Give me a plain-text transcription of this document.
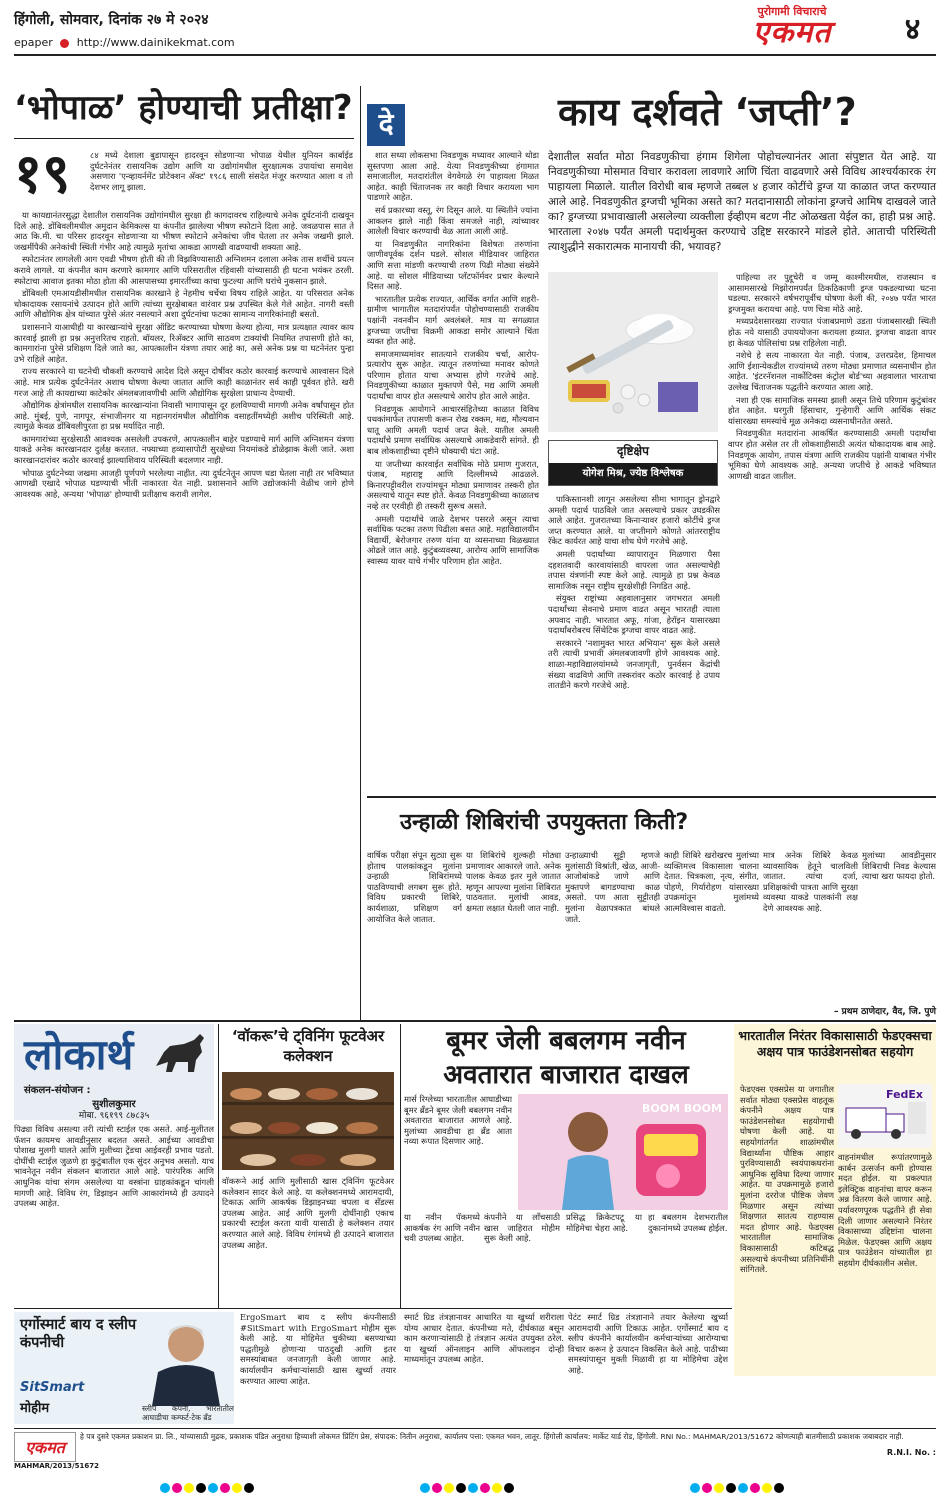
हिंगोली, सोमवार, दिनांक २७ मे २०२४
epaper http://www.dainikekmat.com
पुरोगामी विचाराचे
एकमत	४
‘भोपाळ’ होण्याची प्रतीक्षा?
१९	८४ मध्ये देशाला बुडापासून हादरवून सोडणाऱ्या भोपाळ येथील युनियन कार्बाईड दुर्घटनेनंतर रासायनिक उद्योग आणि या उद्योगांमधील सुरक्षात्मक उपायांचा समावेश असणारा 'एन्व्हायर्नमेंट प्रोटेक्शन अ‍ॅक्ट' १९८६ साली संसदेत मंजूर करण्यात आला व तो देशभर लागू झाला.

या कायद्यानंतरसुद्धा देशातील रासायनिक उद्योगांमधील सुरक्षा ही कागदावरच राहिल्याचे अनेक दुर्घटनांनी दाखवून दिले आहे. डोंबिवलीमधील अमुदान केमिकल्स या कंपनीत झालेल्या भीषण स्फोटाने दिला आहे. जवळपास सात ते आठ कि.मी. चा परिसर हादरवून सोडणाऱ्या या भीषण स्फोटाने अनेकांचा जीव घेतला तर अनेक जखमी झाले. जखमींपैकी अनेकांची स्थिती गंभीर आहे त्यामुळे मृतांचा आकडा आणखी वाढण्याची शक्यता आहे.

स्फोटानंतर लागलेली आग एवढी भीषण होती की ती विझविण्यासाठी अग्निशमन दलाला अनेक तास शर्थीचे प्रयत्न करावे लागले. या कंपनीत काम करणारे कामगार आणि परिसरातील रहिवासी यांच्यासाठी ही घटना भयंकर ठरली. स्फोटाचा आवाज इतका मोठा होता की आसपासच्या इमारतींच्या काचा फुटल्या आणि घरांचे नुकसान झाले.

डोंबिवली एमआयडीसीमधील रासायनिक कारखाने हे नेहमीच चर्चेचा विषय राहिले आहेत. या परिसरात अनेक धोकादायक रसायनांचे उत्पादन होते आणि त्यांच्या सुरक्षेबाबत वारंवार प्रश्न उपस्थित केले गेले आहेत. नागरी वस्ती आणि औद्योगिक क्षेत्र यांच्यात पुरेसे अंतर नसल्याने अशा दुर्घटनांचा फटका सामान्य नागरिकांनाही बसतो.

प्रशासनाने याआधीही या कारखान्यांचे सुरक्षा ऑडिट करण्याच्या घोषणा केल्या होत्या, मात्र प्रत्यक्षात त्यावर काय कारवाई झाली हा प्रश्न अनुत्तरितच राहतो. बॉयलर, रिअ‍ॅक्टर आणि साठवण टाक्यांची नियमित तपासणी होते का, कामगारांना पुरेसे प्रशिक्षण दिले जाते का, आपत्कालीन यंत्रणा तयार आहे का, असे अनेक प्रश्न या घटनेनंतर पुन्हा उभे राहिले आहेत.

राज्य सरकारने या घटनेची चौकशी करण्याचे आदेश दिले असून दोषींवर कठोर कारवाई करण्याचे आश्वासन दिले आहे. मात्र प्रत्येक दुर्घटनेनंतर अशाच घोषणा केल्या जातात आणि काही काळानंतर सर्व काही पूर्ववत होते. खरी गरज आहे ती कायद्याच्या काटेकोर अंमलबजावणीची आणि औद्योगिक सुरक्षेला प्राधान्य देण्याची.

औद्योगिक क्षेत्रांमधील रासायनिक कारखान्यांना निवासी भागापासून दूर हलविण्याची मागणी अनेक वर्षांपासून होत आहे. मुंबई, पुणे, नागपूर, संभाजीनगर या महानगरांमधील औद्योगिक वसाहतींमध्येही अशीच परिस्थिती आहे. त्यामुळे केवळ डोंबिवलीपुरता हा प्रश्न मर्यादित नाही.

कामगारांच्या सुरक्षेसाठी आवश्यक असलेली उपकरणे, आपत्कालीन बाहेर पडण्याचे मार्ग आणि अग्निशमन यंत्रणा याकडे अनेक कारखानदार दुर्लक्ष करतात. नफ्याच्या हव्यासापोटी सुरक्षेच्या नियमांकडे डोळेझाक केली जाते. अशा कारखानदारांवर कठोर कारवाई झाल्याशिवाय परिस्थिती बदलणार नाही.

भोपाळ दुर्घटनेच्या जखमा आजही पूर्णपणे भरलेल्या नाहीत. त्या दुर्घटनेतून आपण धडा घेतला नाही तर भविष्यात आणखी एखादे भोपाळ घडण्याची भीती नाकारता येत नाही. प्रशासनाने आणि उद्योजकांनी वेळीच जागे होणे आवश्यक आहे, अन्यथा 'भोपाळ' होण्याची प्रतीक्षाच करावी लागेल.

दे	काय दर्शवते ‘जप्ती’?
देशातील सर्वात मोठा निवडणुकीचा हंगाम शिगेला पोहोचल्यानंतर आता संपुष्टात येत आहे. या निवडणुकीच्या मोसमात विचार करावला लावणारे आणि चिंता वाढवणारे असे विविध आश्चर्यकारक रंग पाहायला मिळाले. यातील विरोधी बाब म्हणजे तब्बल ४ हजार कोटींचे ड्रग्ज या काळात जप्त करण्यात आले आहे. निवडणुकीत ड्रग्जची भूमिका असते का? मतदानासाठी लोकांना ड्रग्जचे आमिष दाखवले जाते का? ड्रग्जच्या प्रभावाखाली असलेल्या व्यक्तीला ईव्हीएम बटण नीट ओळखता येईल का, हाही प्रश्न आहे. भारताला २०४७ पर्यंत अमली पदार्थमुक्त करण्याचे उद्दिष्ट सरकारने मांडले होते. आताची परिस्थिती त्याशुद्धीने सकारात्मक मानायची की, भयावह?

शात सध्या लोकसभा निवडणूक मध्यावर आल्याने थोडा सुस्तपणा आला आहे. येत्या निवडणुकीच्या हंगामात समाजातील, मतदारांतील वेगवेगळे रंग पाहायला मिळत आहेत. काही चिंताजनक तर काही विचार करायला भाग पाडणारे आहेत.

सर्व प्रकारच्या वस्तू, रंग दिसून आले. या स्थितीने ज्यांना आकलन झाले नाही किंवा समजले नाही, त्यांच्यावर आलेली विचार करण्याची वेळ आता आली आहे.

या निवडणुकीत नागरिकांना विशेषतः तरुणांना जाणीवपूर्वक दर्शन घडले. सोशल मीडियावर जाहिरात आणि सत्ता मांडणी करण्याची तरुण पिढी मोठ्या संख्येने आहे. या सोशल मीडियाच्या प्लॅटफॉर्मवर प्रचार केल्याने दिसत आहे.

भारतातील प्रत्येक राज्यात, आर्थिक वर्गात आणि शहरी-ग्रामीण भागातील मतदारांपर्यंत पोहोचण्यासाठी राजकीय पक्षांनी नवनवीन मार्ग अवलंबले. मात्र या सगळ्यात ड्रग्जच्या जप्तीचा विक्रमी आकडा समोर आल्याने चिंता व्यक्त होत आहे.

समाजमाध्यमांवर सातत्याने राजकीय चर्चा, आरोप-प्रत्यारोप सुरू आहेत. त्यातून तरुणांच्या मनावर कोणते परिणाम होतात याचा अभ्यास होणे गरजेचे आहे. निवडणुकीच्या काळात मुक्तपणे पैसे, मद्य आणि अमली पदार्थांचा वापर होत असल्याचे आरोप होत आले आहेत.

निवडणूक आयोगाने आचारसंहितेच्या काळात विविध पथकांमार्फत तपासणी करून रोख रक्कम, मद्य, मौल्यवान धातू आणि अमली पदार्थ जप्त केले. यातील अमली पदार्थांचे प्रमाण सर्वाधिक असल्याचे आकडेवारी सांगते. ही बाब लोकशाहीच्या दृष्टीने धोक्याची घंटा आहे.

या जप्तीच्या कारवाईत सर्वाधिक मोठे प्रमाण गुजरात, पंजाब, महाराष्ट्र आणि दिल्लीमध्ये आढळले. किनारपट्टीवरील राज्यांमधून मोठ्या प्रमाणावर तस्करी होत असल्याचे यातून स्पष्ट होते. केवळ निवडणुकीच्या काळातच नव्हे तर एरवीही ही तस्करी सुरूच असते.

अमली पदार्थांचे जाळे देशभर पसरले असून त्याचा सर्वाधिक फटका तरुण पिढीला बसत आहे. महाविद्यालयीन विद्यार्थी, बेरोजगार तरुण यांना या व्यसनाच्या विळख्यात ओढले जात आहे. कुटुंबव्यवस्था, आरोग्य आणि सामाजिक स्वास्थ्य यावर याचे गंभीर परिणाम होत आहेत.

दृष्टिक्षेप
योगेश मिश्र, ज्येष्ठ विश्लेषक

पाकिस्तानशी लागून असलेल्या सीमा भागातून ड्रोनद्वारे अमली पदार्थ पाठविले जात असल्याचे प्रकार उघडकीस आले आहेत. गुजरातच्या किनाऱ्यावर हजारो कोटींचे ड्रग्ज जप्त करण्यात आले. या जप्तीमागे कोणते आंतरराष्ट्रीय रॅकेट कार्यरत आहे याचा शोध घेणे गरजेचे आहे.

अमली पदार्थांच्या व्यापारातून मिळणारा पैसा दहशतवादी कारवायांसाठी वापरला जात असल्याचेही तपास यंत्रणांनी स्पष्ट केले आहे. त्यामुळे हा प्रश्न केवळ सामाजिक नसून राष्ट्रीय सुरक्षेशीही निगडित आहे.

संयुक्त राष्ट्रांच्या अहवालानुसार जगभरात अमली पदार्थांच्या सेवनाचे प्रमाण वाढत असून भारतही त्याला अपवाद नाही. भारतात अफू, गांजा, हेरॉइन यासारख्या पदार्थांबरोबरच सिंथेटिक ड्रग्जचा वापर वाढत आहे.

सरकारने 'नशामुक्त भारत अभियान' सुरू केले असले तरी त्याची प्रभावी अंमलबजावणी होणे आवश्यक आहे. शाळा-महाविद्यालयांमध्ये जनजागृती, पुनर्वसन केंद्रांची संख्या वाढविणे आणि तस्करांवर कठोर कारवाई हे उपाय तातडीने करणे गरजेचे आहे.

पाहिल्या तर पुद्दूचेरी व जम्मू काश्मीरमधील, राजस्थान व आसामसारखे मिझोरामपर्यंत ठिकठिकाणी ड्रग्ज पकडल्याच्या घटना घडल्या. सरकारने वर्षभरापूर्वीच घोषणा केली की, २०४७ पर्यंत भारत ड्रग्जमुक्त करायचा आहे. पण चित्रा मोठे आहे.

मध्यप्रदेशसारख्या राज्यात पंजाबप्रमाणे उडता पंजाबसारखी स्थिती होऊ नये यासाठी उपाययोजना करायला हव्यात. ड्रग्जचा वाढता वापर हा केवळ पोलिसांचा प्रश्न राहिलेला नाही.

नशेचे हे सत्य नाकारता येत नाही. पंजाब, उत्तरप्रदेश, हिमाचल आणि ईशान्येकडील राज्यांमध्ये तरुण मोठ्या प्रमाणात व्यसनाधीन होत आहेत. 'इंटरनॅशनल नार्कोटिक्स कंट्रोल बोर्ड'च्या अहवालात भारताचा उल्लेख चिंताजनक पद्धतीने करण्यात आला आहे.

नशा ही एक सामाजिक समस्या झाली असून तिचे परिणाम कुटुंबांवर होत आहेत. घरगुती हिंसाचार, गुन्हेगारी आणि आर्थिक संकट यांसारख्या समस्यांचे मूळ अनेकदा व्यसनाधीनतेत असते.

निवडणुकीत मतदारांना आकर्षित करण्यासाठी अमली पदार्थांचा वापर होत असेल तर ती लोकशाहीसाठी अत्यंत धोकादायक बाब आहे. निवडणूक आयोग, तपास यंत्रणा आणि राजकीय पक्षांनी याबाबत गंभीर भूमिका घेणे आवश्यक आहे. अन्यथा जप्तीचे हे आकडे भविष्यात आणखी वाढत जातील.

उन्हाळी शिबिरांची उपयुक्तता किती?
वार्षिक परीक्षा संपून सुट्या सुरू होताच पालकांकडून मुलांना उन्हाळी शिबिरांमध्ये पाठविण्याची लगबग सुरू होते. विविध प्रकारची शिबिरे, कार्यशाळा, प्रशिक्षण वर्ग आयोजित केले जातात.
या शिबिरांचे शुल्कही मोठ्या प्रमाणावर आकारले जाते. अनेक पालक केवळ इतर मुले जातात म्हणून आपल्या मुलांना शिबिरात पाठवतात. मुलांची आवड, क्षमता लक्षात घेतली जात नाही.
उन्हाळ्याची सुट्टी म्हणजे मुलांसाठी विश्रांती, खेळ, आजी-आजोबांकडे जाणे आणि मुक्तपणे बागडण्याचा काळ असतो. पण आता सुट्टीतही मुलांना वेळापत्रकात बांधले जाते.
काही शिबिरे खरोखरच मुलांच्या व्यक्तिमत्त्व विकासाला चालना देतात. चित्रकला, नृत्य, संगीत, पोहणे, गिर्यारोहण यांसारख्या उपक्रमांतून मुलांमध्ये आत्मविश्वास वाढतो.
मात्र अनेक शिबिरे केवळ व्यावसायिक हेतूने चालविली जातात. त्यांचा दर्जा, प्रशिक्षकांची पात्रता आणि सुरक्षा व्यवस्था याकडे पालकांनी लक्ष देणे आवश्यक आहे.
मुलांच्या आवडीनुसार शिबिराची निवड केल्यास त्याचा खरा फायदा होतो.
– प्रथम ठाणेदार, वैद, जि. पुणे
लोकार्थ
संकलन-संयोजन :
सुशीलकुमार
मोबा. ९६१९९ ८७८३५
पिढ्या विविध असल्या तरी त्यांची स्टाईल एक असते. आई-मुलीतल फॅशन कायमच आवडीनुसार बदलत असते. आईच्या आवडीचा पोशाख मुलगी घालते आणि मुलीच्या ट्रेंडचा आईवरही प्रभाव पडतो. दोघींची स्टाईल जुळणे हा कुटुंबातील एक सुंदर अनुभव असतो. याच भावनेतून नवीन संकलन बाजारात आले आहे. पारंपरिक आणि आधुनिक यांचा संगम असलेल्या या वस्त्रांना ग्राहकांकडून चांगली मागणी आहे. विविध रंग, डिझाइन आणि आकारांमध्ये ही उत्पादने उपलब्ध आहेत.
‘वॉकरू’चे ट्विनिंग फूटवेअर कलेक्शन
वॉकरूने आई आणि मुलीसाठी खास ट्विनिंग फूटवेअर कलेक्शन सादर केले आहे. या कलेक्शनमध्ये आरामदायी, टिकाऊ आणि आकर्षक डिझाइनच्या चपला व सँडल्स उपलब्ध आहेत. आई आणि मुलगी दोघींनाही एकाच प्रकारची स्टाईल करता यावी यासाठी हे कलेक्शन तयार करण्यात आले आहे. विविध रंगांमध्ये ही उत्पादने बाजारात उपलब्ध आहेत.
बूमर जेली बबलगम नवीन अवतारात बाजारात दाखल
मार्स रिग्लेच्या भारतातील आघाडीच्या बूमर ब्रँडने बूमर जेली बबलगम नवीन अवतारात बाजारात आणले आहे. मुलांच्या आवडीचा हा ब्रँड आता नव्या रूपात दिसणार आहे.
BOOM BOOM
या नवीन पॅकमध्ये आकर्षक रंग आणि नवीन चवी उपलब्ध आहेत.
कंपनीने या लाँचसाठी खास जाहिरात मोहीम सुरू केली आहे.
प्रसिद्ध क्रिकेटपटू या मोहिमेचा चेहरा आहे.
हा बबलगम देशभरातील दुकानांमध्ये उपलब्ध होईल.
भारतातील निरंतर विकासासाठी फेडएक्सचा अक्षय पात्र फाउंडेशनसोबत सहयोग
फेडएक्स एक्सप्रेस या जगातील सर्वात मोठ्या एक्सप्रेस वाहतूक कंपनीने अक्षय पात्र फाउंडेशनसोबत सहयोगाची घोषणा केली आहे. या सहयोगांतर्गत शाळांमधील विद्यार्थ्यांना पौष्टिक आहार पुरविण्यासाठी स्वयंपाकघरांना आधुनिक सुविधा दिल्या जाणार आहेत. या उपक्रमामुळे हजारो मुलांना दररोज पौष्टिक जेवण मिळणार असून त्यांच्या शिक्षणात सातत्य राहण्यास मदत होणार आहे. फेडएक्स भारतातील सामाजिक विकासासाठी कटिबद्ध असल्याचे कंपनीच्या प्रतिनिधींनी सांगितले.
FedEx
वाहनांमधील रूपांतरणामुळे कार्बन उत्सर्जन कमी होण्यास मदत होईल. या प्रकल्पात इलेक्ट्रिक वाहनांचा वापर करून अन्न वितरण केले जाणार आहे. पर्यावरणपूरक पद्धतीने ही सेवा दिली जाणार असल्याने निरंतर विकासाच्या उद्दिष्टांना चालना मिळेल. फेडएक्स आणि अक्षय पात्र फाउंडेशन यांच्यातील हा सहयोग दीर्घकालीन असेल.
एर्गोस्मार्ट बाय द स्लीप कंपनीची
SitSmart
मोहीम	स्लीप कंपनी, भारतातील आघाडीचा कम्फर्ट-टेक ब्रँड
ErgoSmart बाय द स्लीप कंपनीसाठी #SitSmart with ErgoSmart मोहीम सुरू केली आहे. या मोहिमेत चुकीच्या बसण्याच्या पद्धतीमुळे होणाऱ्या पाठदुखी आणि इतर समस्यांबाबत जनजागृती केली जाणार आहे. कार्यालयीन कर्मचाऱ्यांसाठी खास खुर्च्या तयार करण्यात आल्या आहेत.
स्मार्ट ग्रिड तंत्रज्ञानावर आधारित या खुर्च्या शरीराला योग्य आधार देतात. कंपनीच्या मते, दीर्घकाळ बसून काम करणाऱ्यांसाठी हे तंत्रज्ञान अत्यंत उपयुक्त ठरेल. या खुर्च्या ऑनलाइन आणि ऑफलाइन दोन्ही माध्यमांतून उपलब्ध आहेत.
पेटंट स्मार्ट ग्रिड तंत्रज्ञानाने तयार केलेल्या खुर्च्या आरामदायी आणि टिकाऊ आहेत. एर्गोस्मार्ट बाय द स्लीप कंपनीने कार्यालयीन कर्मचाऱ्यांच्या आरोग्याचा विचार करून हे उत्पादन विकसित केले आहे. पाठीच्या समस्यांपासून मुक्ती मिळावी हा या मोहिमेचा उद्देश आहे.
एकमत
हे पत्र दुसरे एकमत प्रकाशन प्रा. लि., यांच्यासाठी मुद्रक, प्रकाशक पंडित अनुराधा हिच्याशी लोकमत प्रिंटिंग प्रेस, संपादक: नितीन अनुराधा, कार्यालय पत्ता: एकमत भवन, लातूर. हिंगोली कार्यालय: मार्केट यार्ड रोड, हिंगोली. RNI No.: MAHMAR/2013/51672 कोणत्याही बातमीसाठी प्रकाशक जबाबदार नाही.
MAHMAR/2013/51672
R.N.I. No. :
